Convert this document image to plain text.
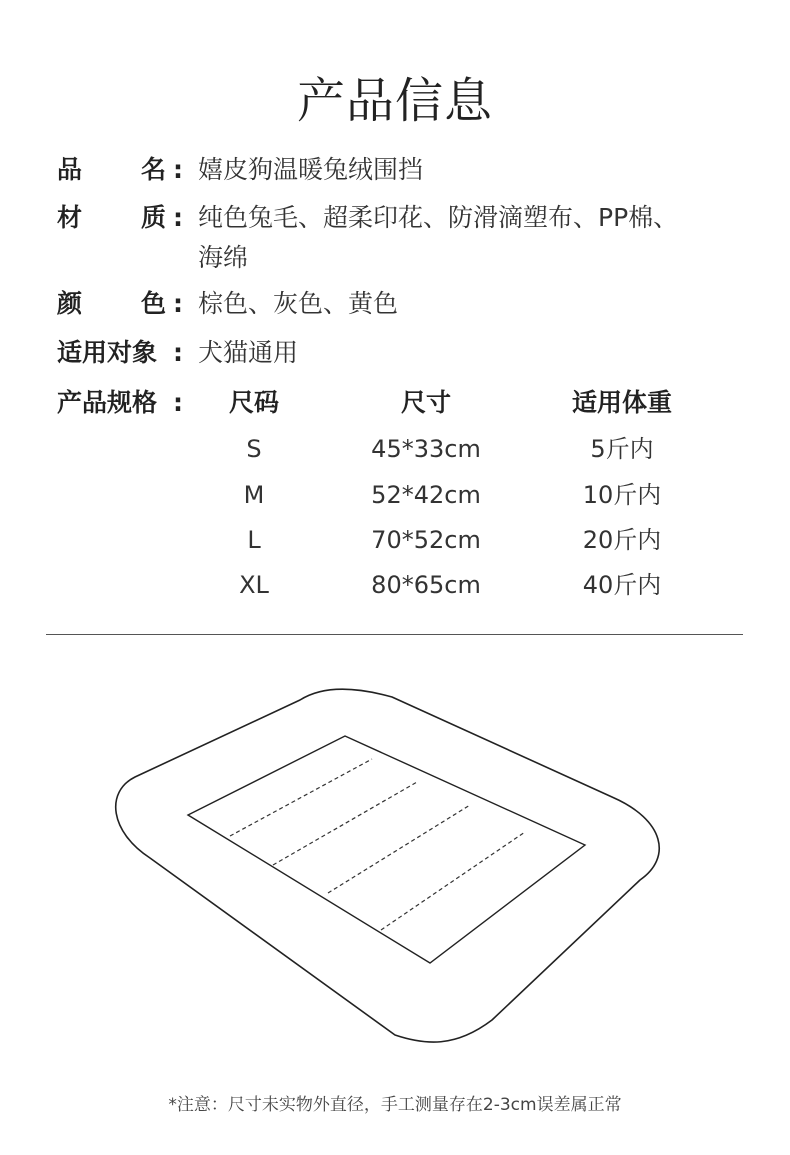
产品信息
品 名 : 嬉皮狗温暖兔绒围挡
材 质 : 纯色兔毛、超柔印花、防滑滴塑布、PP棉、
海绵
颜 色 : 棕色、灰色、黄色
适用对象 : 犬猫通用
产品规格 :	尺码	尺寸	适用体重
S	45*33cm	5斤内
M	52*42cm	10斤内
L	70*52cm	20斤内
XL	80*65cm	40斤内
*注意：尺寸未实物外直径，手工测量存在2-3cm误差属正常
